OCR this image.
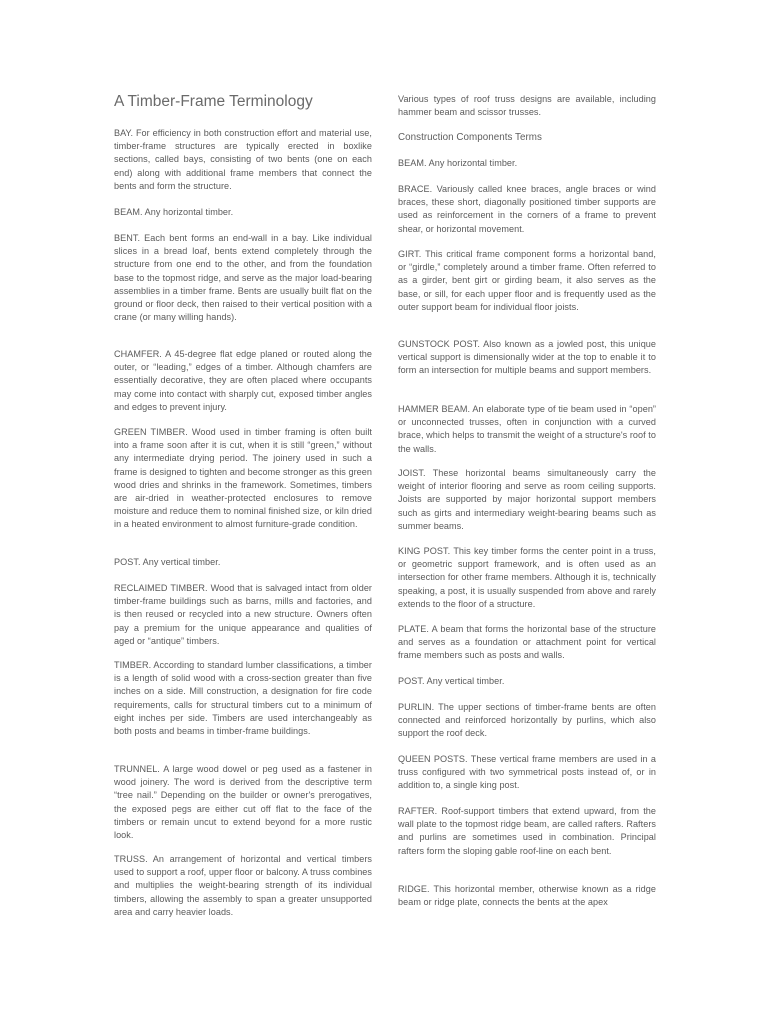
A Timber-Frame Terminology

BAY. For efficiency in both construction effort and material use, timber-frame structures are typically erected in boxlike sections, called bays, consisting of two bents (one on each end) along with additional frame members that connect the bents and form the structure.

BEAM. Any horizontal timber.

BENT. Each bent forms an end-wall in a bay. Like individual slices in a bread loaf, bents extend completely through the structure from one end to the other, and from the foundation base to the topmost ridge, and serve as the major load-bearing assemblies in a timber frame. Bents are usually built flat on the ground or floor deck, then raised to their vertical position with a crane (or many willing hands).

CHAMFER. A 45-degree flat edge planed or routed along the outer, or “leading,” edges of a timber. Although chamfers are essentially decorative, they are often placed where occupants may come into contact with sharply cut, exposed timber angles and edges to prevent injury.

GREEN TIMBER. Wood used in timber framing is often built into a frame soon after it is cut, when it is still “green,” without any intermediate drying period. The joinery used in such a frame is designed to tighten and become stronger as this green wood dries and shrinks in the framework. Sometimes, timbers are air-dried in weather-protected enclosures to remove moisture and reduce them to nominal finished size, or kiln dried in a heated environment to almost furniture-grade condition.

POST. Any vertical timber.

RECLAIMED TIMBER. Wood that is salvaged intact from older timber-frame buildings such as barns, mills and factories, and is then reused or recycled into a new structure. Owners often pay a premium for the unique appearance and qualities of aged or “antique” timbers.

TIMBER. According to standard lumber classifications, a timber is a length of solid wood with a cross-section greater than five inches on a side. Mill construction, a designation for fire code requirements, calls for structural timbers cut to a minimum of eight inches per side. Timbers are used interchangeably as both posts and beams in timber-frame buildings.

TRUNNEL. A large wood dowel or peg used as a fastener in wood joinery. The word is derived from the descriptive term “tree nail.” Depending on the builder or owner's prerogatives, the exposed pegs are either cut off flat to the face of the timbers or remain uncut to extend beyond for a more rustic look.

TRUSS. An arrangement of horizontal and vertical timbers used to support a roof, upper floor or balcony. A truss combines and multiplies the weight-bearing strength of its individual timbers, allowing the assembly to span a greater unsupported area and carry heavier loads.

Various types of roof truss designs are available, including hammer beam and scissor trusses.

Construction Components Terms

BEAM. Any horizontal timber.

BRACE. Variously called knee braces, angle braces or wind braces, these short, diagonally positioned timber supports are used as reinforcement in the corners of a frame to prevent shear, or horizontal movement.

GIRT. This critical frame component forms a horizontal band, or “girdle,” completely around a timber frame. Often referred to as a girder, bent girt or girding beam, it also serves as the base, or sill, for each upper floor and is frequently used as the outer support beam for individual floor joists.

GUNSTOCK POST. Also known as a jowled post, this unique vertical support is dimensionally wider at the top to enable it to form an intersection for multiple beams and support members.

HAMMER BEAM. An elaborate type of tie beam used in “open” or unconnected trusses, often in conjunction with a curved brace, which helps to transmit the weight of a structure's roof to the walls.

JOIST. These horizontal beams simultaneously carry the weight of interior flooring and serve as room ceiling supports. Joists are supported by major horizontal support members such as girts and intermediary weight-bearing beams such as summer beams.

KING POST. This key timber forms the center point in a truss, or geometric support framework, and is often used as an intersection for other frame members. Although it is, technically speaking, a post, it is usually suspended from above and rarely extends to the floor of a structure.

PLATE. A beam that forms the horizontal base of the structure and serves as a foundation or attachment point for vertical frame members such as posts and walls.

POST. Any vertical timber.

PURLIN. The upper sections of timber-frame bents are often connected and reinforced horizontally by purlins, which also support the roof deck.

QUEEN POSTS. These vertical frame members are used in a truss configured with two symmetrical posts instead of, or in addition to, a single king post.

RAFTER. Roof-support timbers that extend upward, from the wall plate to the topmost ridge beam, are called rafters. Rafters and purlins are sometimes used in combination. Principal rafters form the sloping gable roof-line on each bent.

RIDGE. This horizontal member, otherwise known as a ridge beam or ridge plate, connects the bents at the apex
